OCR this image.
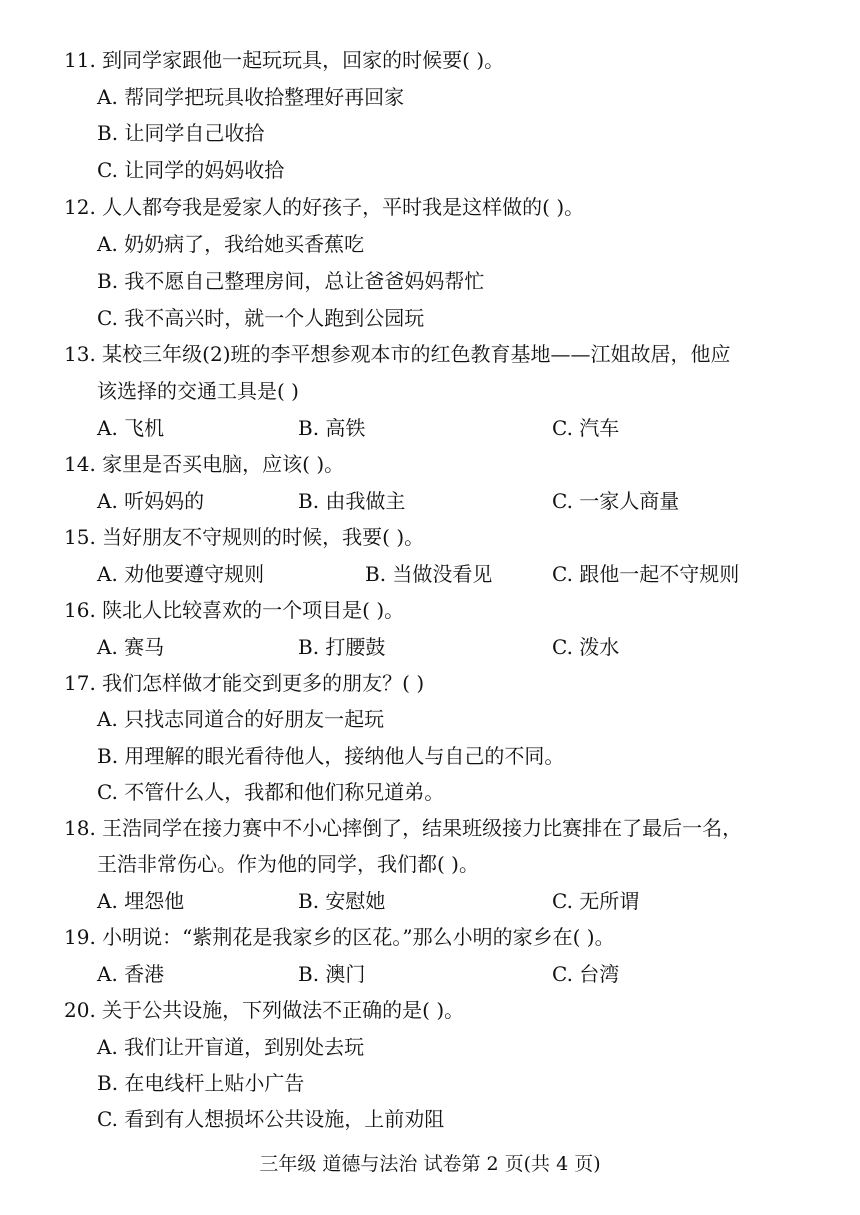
11. 到同学家跟他一起玩玩具，回家的时候要( )。
A. 帮同学把玩具收拾整理好再回家
B. 让同学自己收拾
C. 让同学的妈妈收拾
12. 人人都夸我是爱家人的好孩子，平时我是这样做的( )。
A. 奶奶病了，我给她买香蕉吃
B. 我不愿自己整理房间，总让爸爸妈妈帮忙
C. 我不高兴时，就一个人跑到公园玩
13. 某校三年级(2)班的李平想参观本市的红色教育基地——江姐故居，他应
该选择的交通工具是( )
A. 飞机	B. 高铁	C. 汽车
14. 家里是否买电脑，应该( )。
A. 听妈妈的	B. 由我做主	C. 一家人商量
15. 当好朋友不守规则的时候，我要( )。
A. 劝他要遵守规则	B. 当做没看见	C. 跟他一起不守规则
16. 陕北人比较喜欢的一个项目是( )。
A. 赛马	B. 打腰鼓	C. 泼水
17. 我们怎样做才能交到更多的朋友？( )
A. 只找志同道合的好朋友一起玩
B. 用理解的眼光看待他人，接纳他人与自己的不同。
C. 不管什么人，我都和他们称兄道弟。
18. 王浩同学在接力赛中不小心摔倒了，结果班级接力比赛排在了最后一名，
王浩非常伤心。作为他的同学，我们都( )。
A. 埋怨他	B. 安慰她	C. 无所谓
19. 小明说：“紫荆花是我家乡的区花。”那么小明的家乡在( )。
A. 香港	B. 澳门	C. 台湾
20. 关于公共设施，下列做法不正确的是( )。
A. 我们让开盲道，到别处去玩
B. 在电线杆上贴小广告
C. 看到有人想损坏公共设施，上前劝阻
三年级 道德与法治 试卷第 2 页(共 4 页)
